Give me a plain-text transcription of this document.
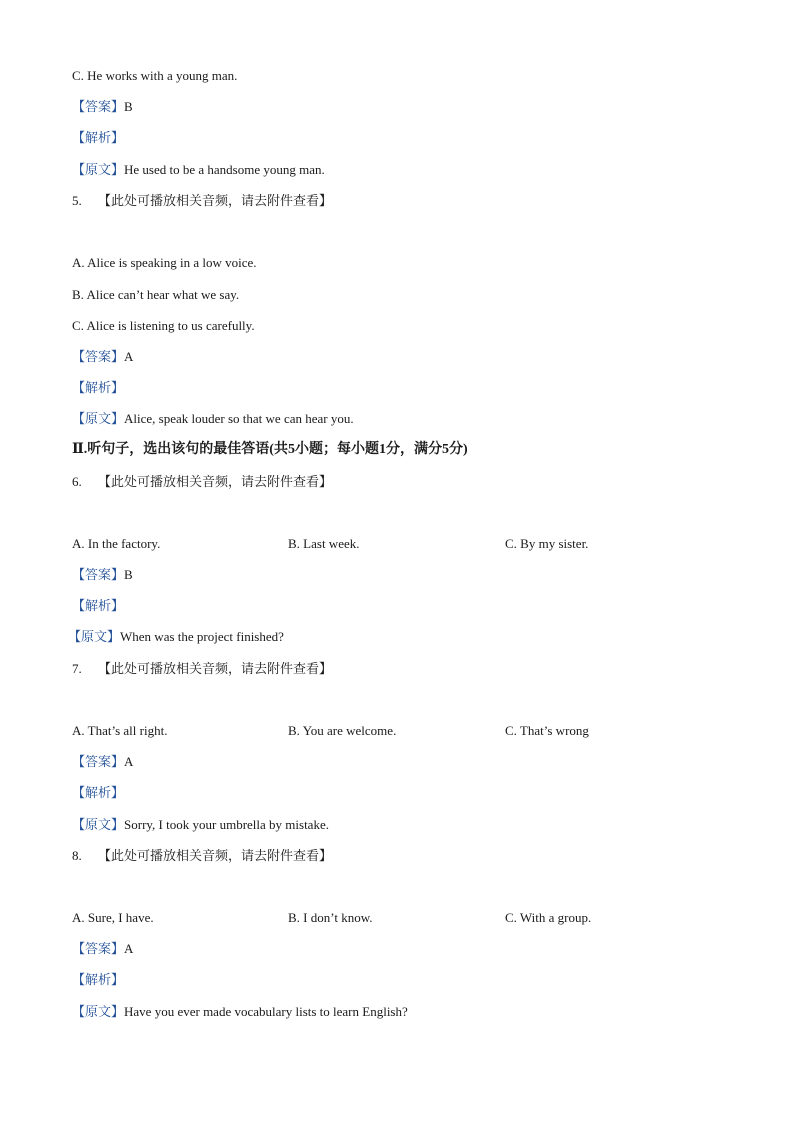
C. He works with a young man.
【答案】B
【解析】
【原文】He used to be a handsome young man.
5. 【此处可播放相关音频，请去附件查看】
A. Alice is speaking in a low voice.
B. Alice can’t hear what we say.
C. Alice is listening to us carefully.
【答案】A
【解析】
【原文】Alice, speak louder so that we can hear you.
Ⅱ.听句子，选出该句的最佳答语(共5小题；每小题1分，满分5分)
6. 【此处可播放相关音频，请去附件查看】
A. In the factory.	B. Last week.	C. By my sister.
【答案】B
【解析】
【原文】When was the project finished?
7. 【此处可播放相关音频，请去附件查看】
A. That’s all right.	B. You are welcome.	C. That’s wrong
【答案】A
【解析】
【原文】Sorry, I took your umbrella by mistake.
8. 【此处可播放相关音频，请去附件查看】
A. Sure, I have.	B. I don’t know.	C. With a group.
【答案】A
【解析】
【原文】Have you ever made vocabulary lists to learn English?
